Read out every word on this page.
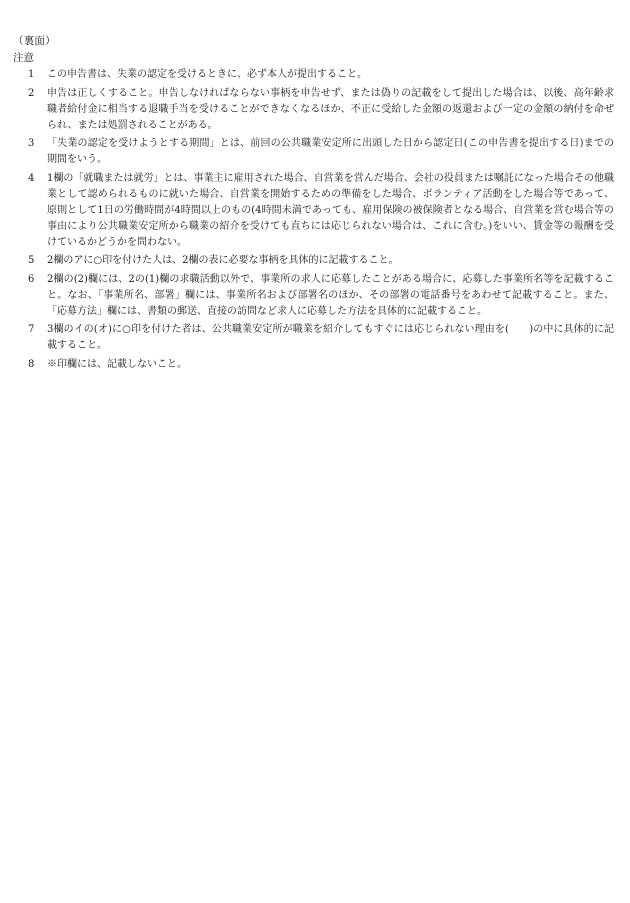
（裏面）
注意
1	この申告書は、失業の認定を受けるときに、必ず本人が提出すること。
2	申告は正しくすること。申告しなければならない事柄を申告せず、または偽りの記載をして提出した場合は、以後、高年齢求職者給付金に相当する退職手当を受けることができなくなるほか、不正に受給した金額の返還および一定の金額の納付を命ぜられ、または処罰されることがある。
3	「失業の認定を受けようとする期間」とは、前回の公共職業安定所に出頭した日から認定日(この申告書を提出する日)までの期間をいう。
4	1欄の「就職または就労」とは、事業主に雇用された場合、自営業を営んだ場合、会社の役員または嘱託になった場合その他職業として認められるものに就いた場合、自営業を開始するための準備をした場合、ボランティア活動をした場合等であって、原則として1日の労働時間が4時間以上のもの(4時間未満であっても、雇用保険の被保険者となる場合、自営業を営む場合等の事由により公共職業安定所から職業の紹介を受けても直ちには応じられない場合は、これに含む。)をいい、賃金等の報酬を受けているかどうかを問わない。
5	2欄のアに○印を付けた人は、2欄の表に必要な事柄を具体的に記載すること。
6	2欄の(2)欄には、2の(1)欄の求職活動以外で、事業所の求人に応募したことがある場合に、応募した事業所名等を記載すること。なお、「事業所名、部署」欄には、事業所名および部署名のほか、その部署の電話番号をあわせて記載すること。また、「応募方法」欄には、書類の郵送、直接の訪問など求人に応募した方法を具体的に記載すること。
7	3欄のイの(オ)に○印を付けた者は、公共職業安定所が職業を紹介してもすぐには応じられない理由を(　　)の中に具体的に記載すること。
8	※印欄には、記載しないこと。
